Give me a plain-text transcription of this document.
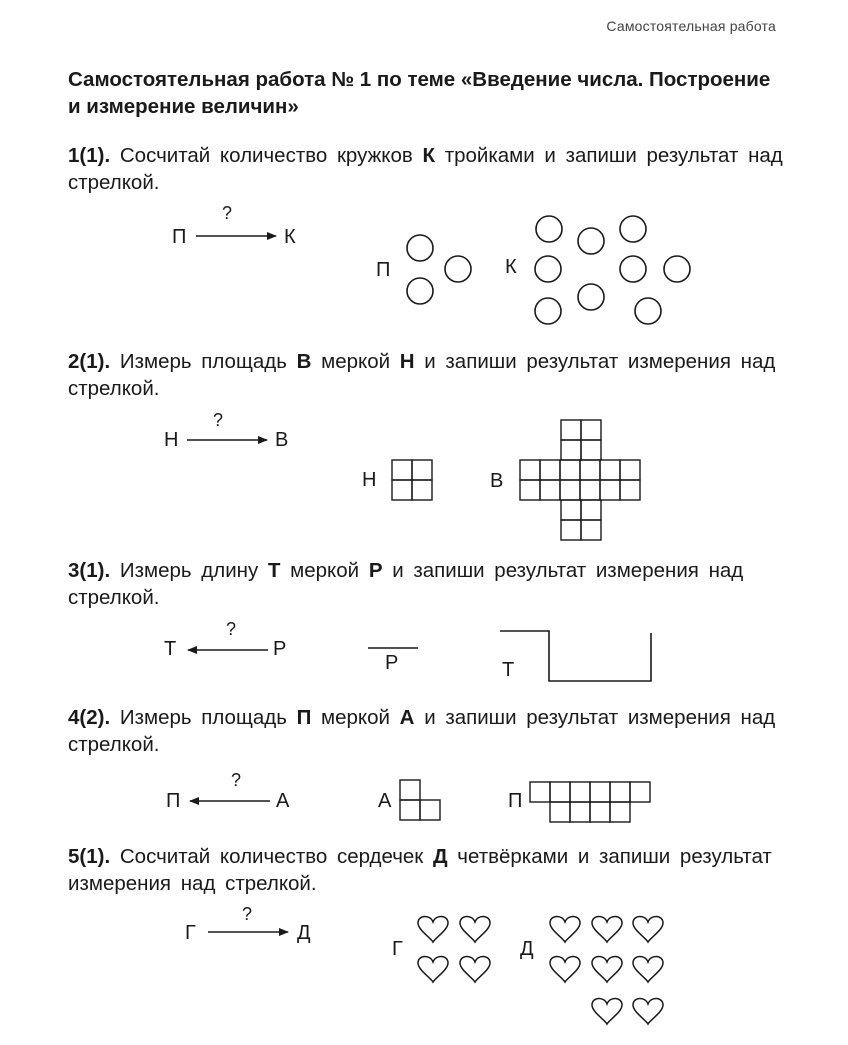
Самостоятельная работа
Самостоятельная работа № 1 по теме «Введение числа. Построение и измерение величин»
1(1). Сосчитай количество кружков К тройками и запиши результат над стрелкой.
2(1). Измерь площадь В меркой Н и запиши результат измерения над стрелкой.
3(1). Измерь длину Т меркой Р и запиши результат измерения над стрелкой.
4(2). Измерь площадь П меркой А и запиши результат измерения над стрелкой.
5(1). Сосчитай количество сердечек Д четвёрками и запиши результат измерения над стрелкой.
П
?
К
П	К
Н
?
В
Н	В
Т
?
Р
Р	Т
П
?
А	А	П
Г
?
Д
Г	Д
